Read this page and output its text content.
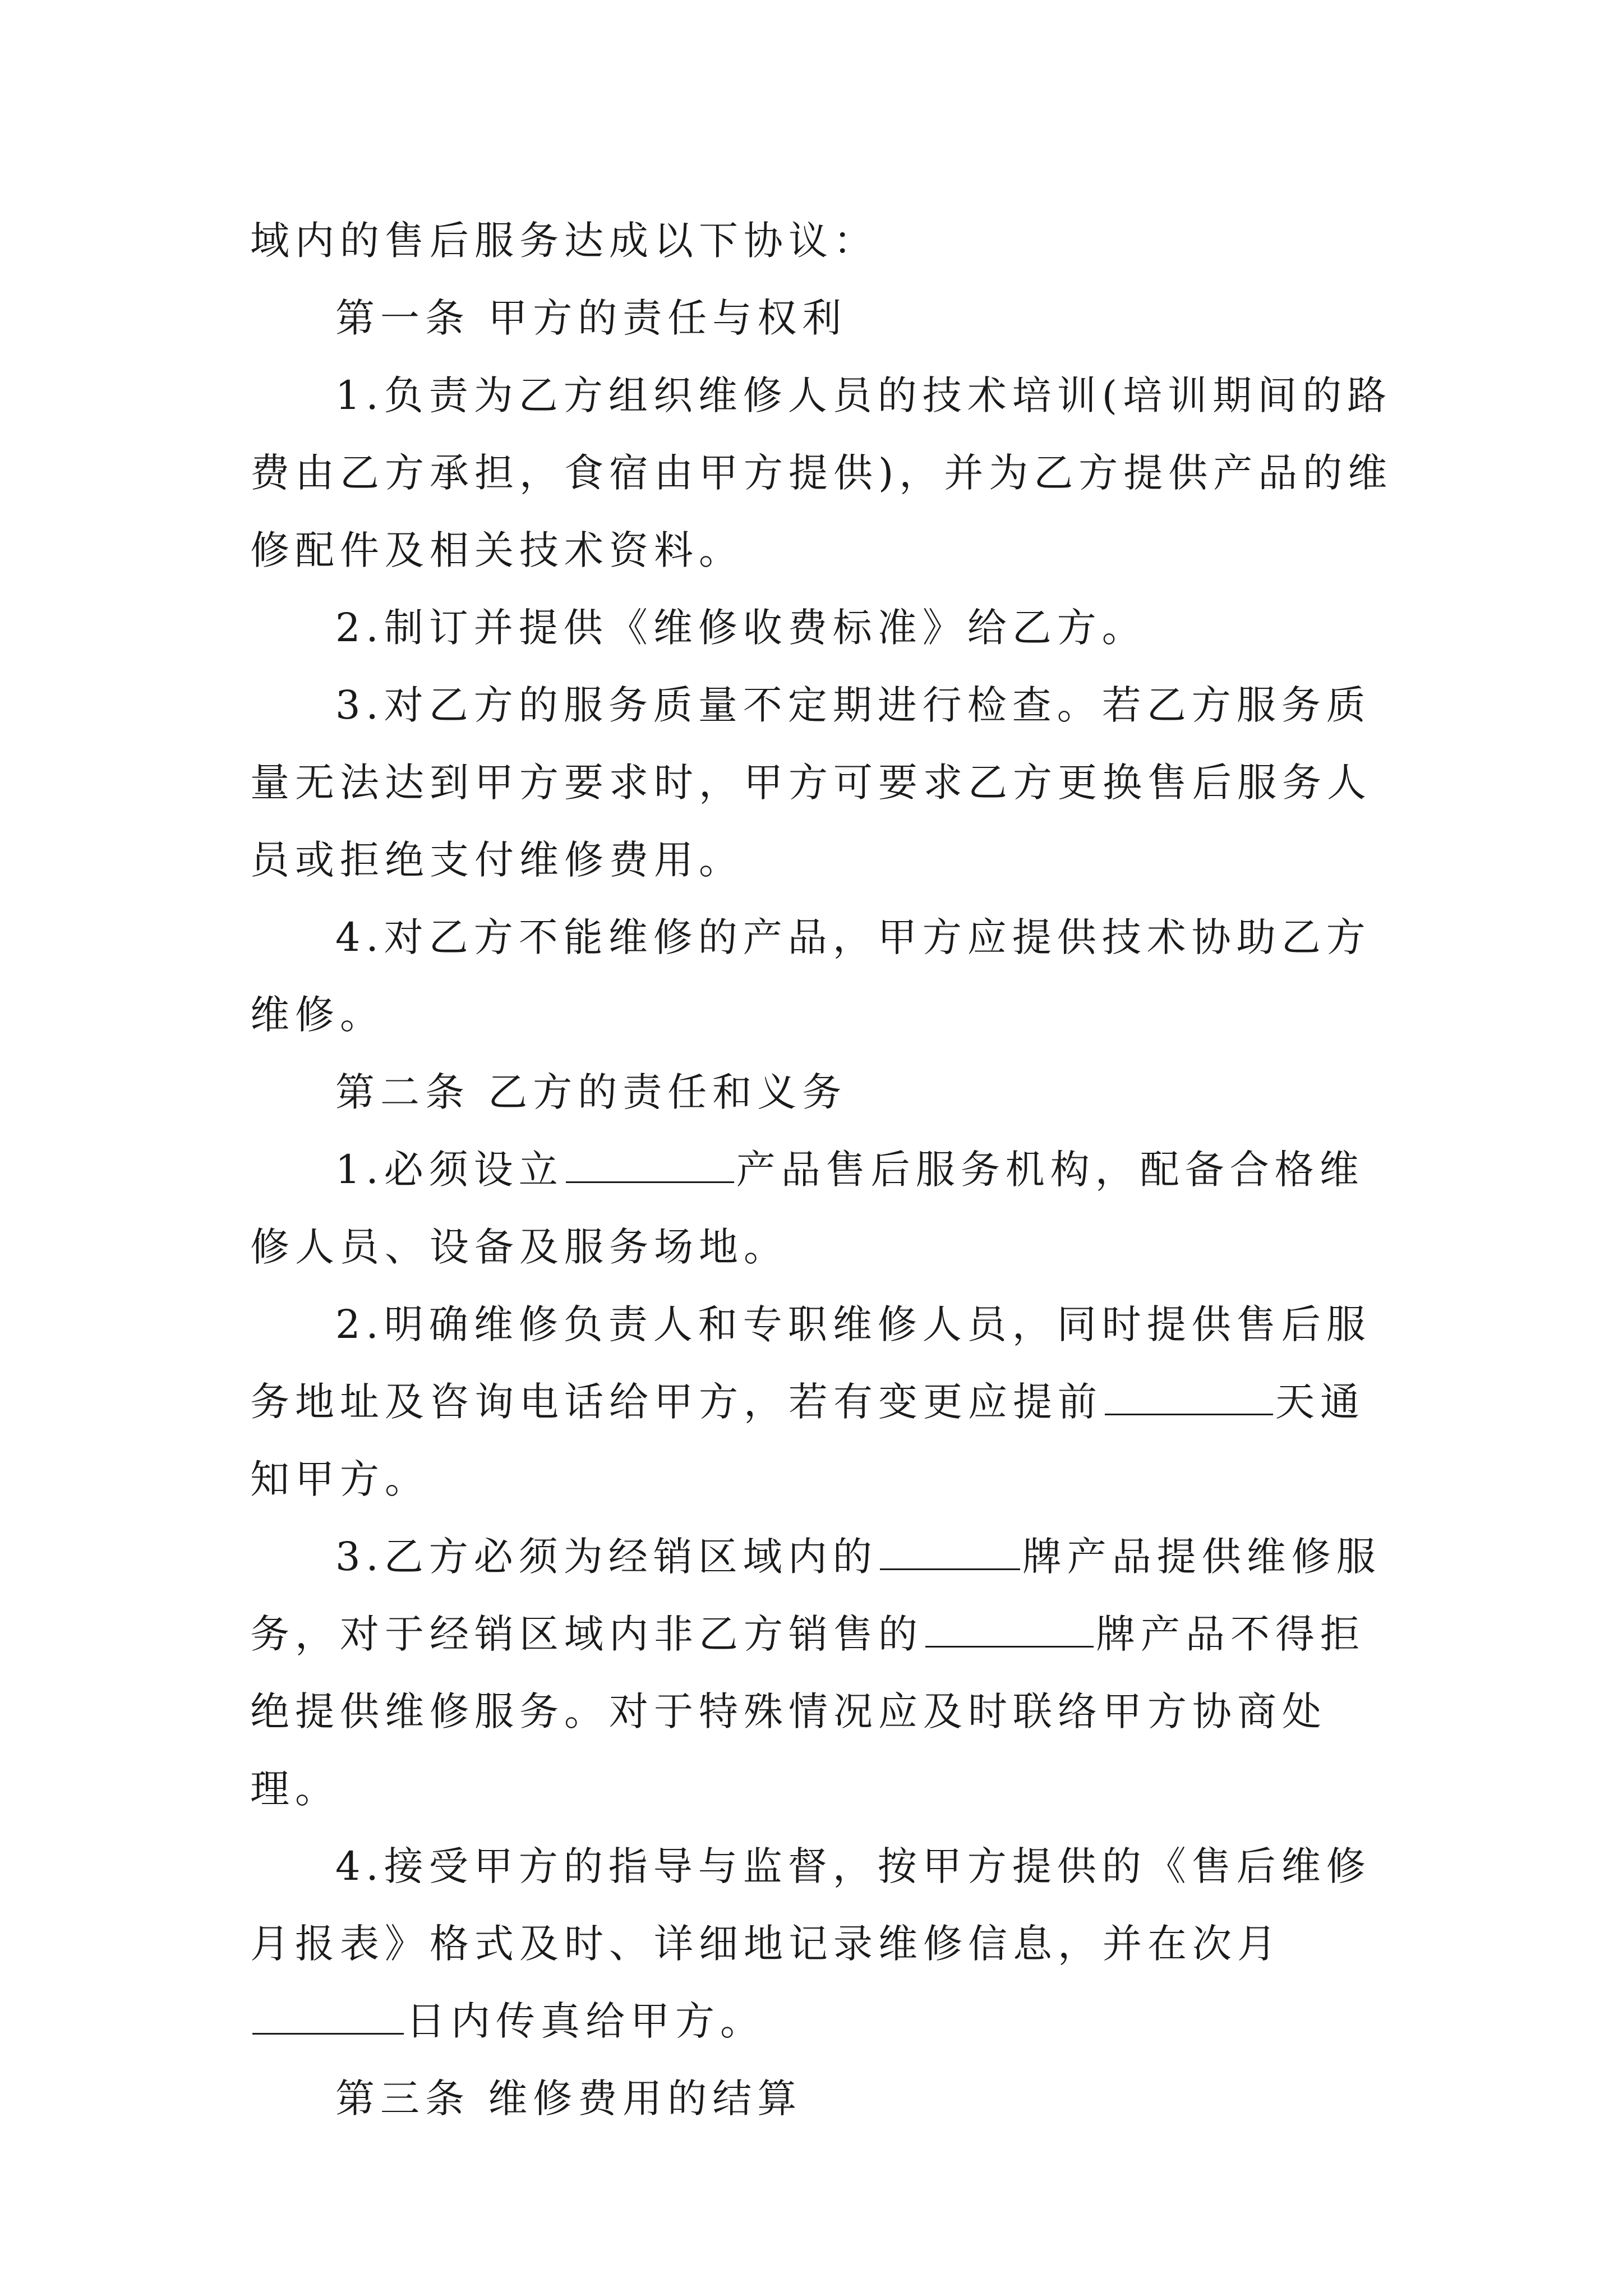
域内的售后服务达成以下协议：

第一条 甲方的责任与权利

1.负责为乙方组织维修人员的技术培训(培训期间的路费由乙方承担，食宿由甲方提供)，并为乙方提供产品的维修配件及相关技术资料。

2.制订并提供《维修收费标准》给乙方。

3.对乙方的服务质量不定期进行检查。若乙方服务质量无法达到甲方要求时，甲方可要求乙方更换售后服务人员或拒绝支付维修费用。

4.对乙方不能维修的产品，甲方应提供技术协助乙方维修。

第二条 乙方的责任和义务

1.必须设立	产品售后服务机构，配备合格维修人员、设备及服务场地。

2.明确维修负责人和专职维修人员，同时提供售后服务地址及咨询电话给甲方，若有变更应提前	天通知甲方。

3.乙方必须为经销区域内的	牌产品提供维修服务，对于经销区域内非乙方销售的	牌产品不得拒绝提供维修服务。对于特殊情况应及时联络甲方协商处理。

4.接受甲方的指导与监督，按甲方提供的《售后维修月报表》格式及时、详细地记录维修信息，并在次月日内传真给甲方。

第三条 维修费用的结算
